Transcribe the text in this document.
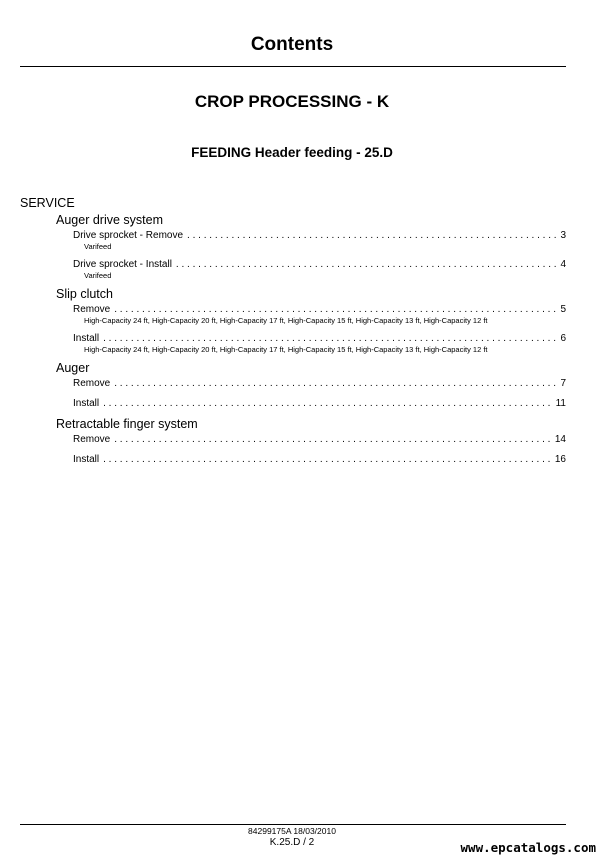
Contents
CROP PROCESSING - K
FEEDING Header feeding - 25.D
SERVICE
Auger drive system
Drive sprocket - Remove . . .	3
Varifeed
Drive sprocket - Install . . .	4
Varifeed
Slip clutch
Remove . . .	5
High-Capacity 24 ft, High-Capacity 20 ft, High-Capacity 17 ft, High-Capacity 15 ft, High-Capacity 13 ft, High-Capacity 12 ft
Install . . .	6
High-Capacity 24 ft, High-Capacity 20 ft, High-Capacity 17 ft, High-Capacity 15 ft, High-Capacity 13 ft, High-Capacity 12 ft
Auger
Remove . . .	7
Install . . .	11
Retractable finger system
Remove . . .	14
Install . . .	16
84299175A 18/03/2010
K.25.D / 2	www.epcatalogs.com
